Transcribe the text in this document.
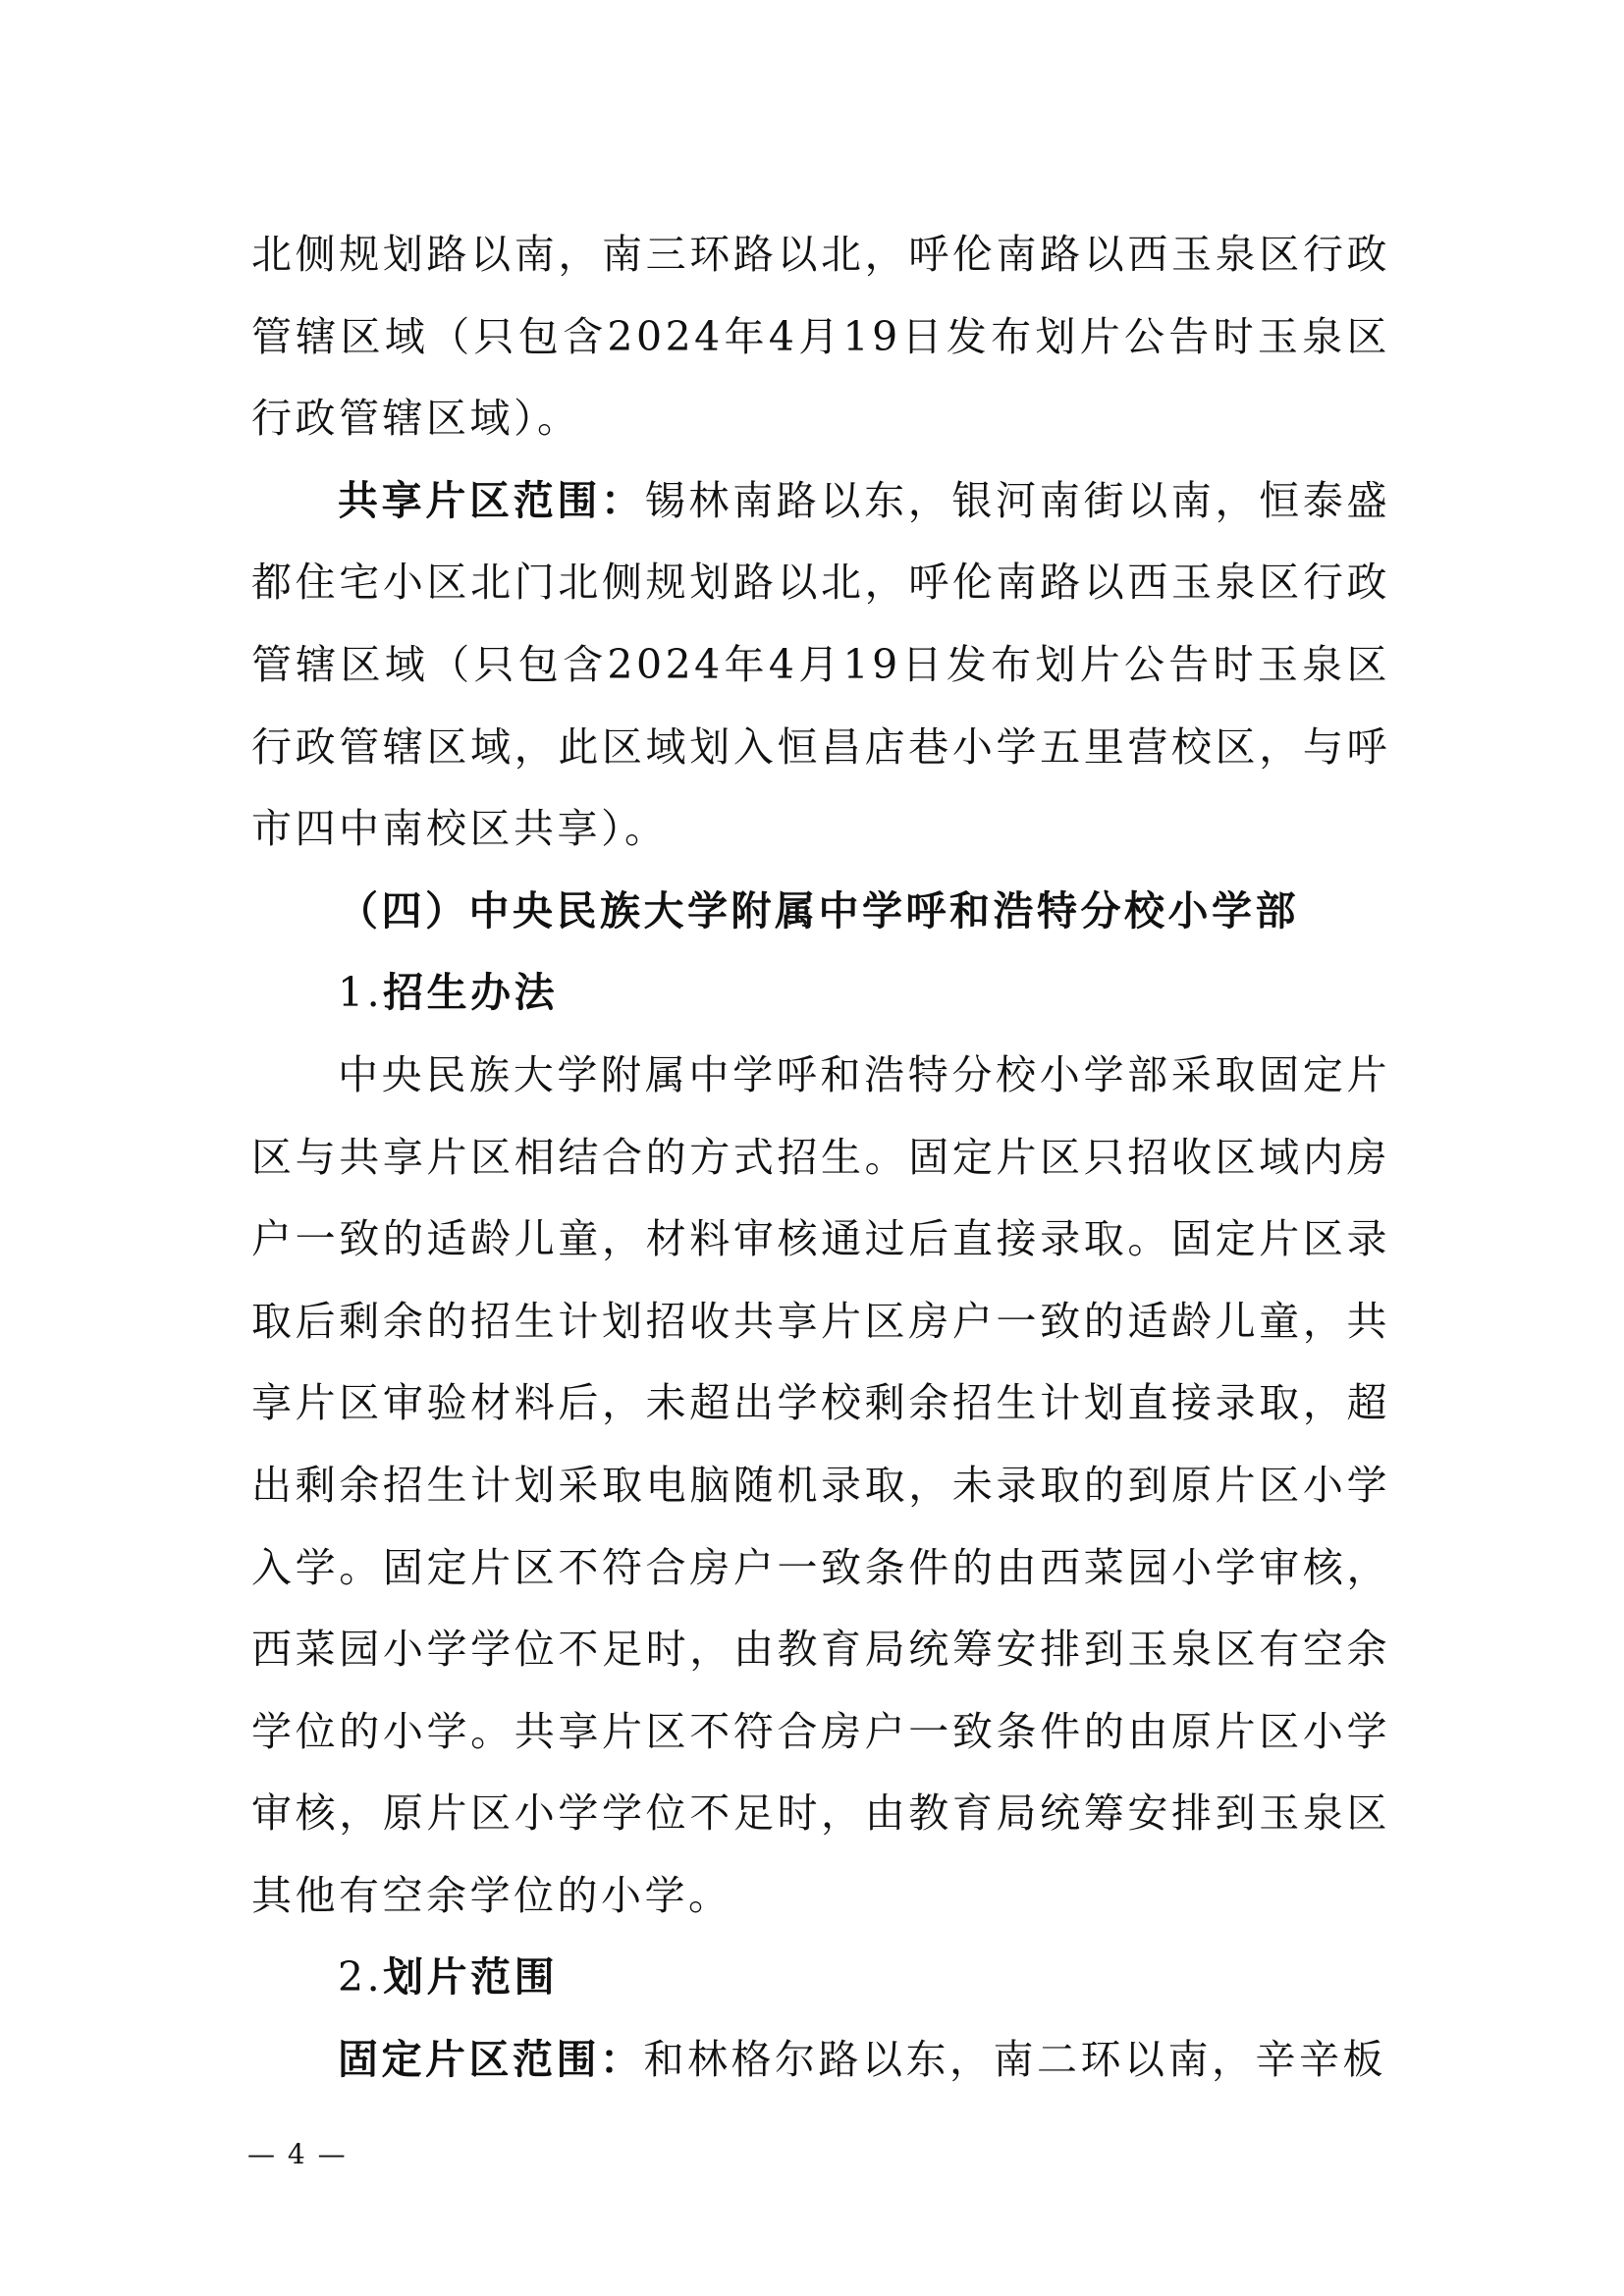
北侧规划路以南，南三环路以北，呼伦南路以西玉泉区行政管辖区域（只包含2024年4月19日发布划片公告时玉泉区行政管辖区域）。

共享片区范围：锡林南路以东，银河南街以南，恒泰盛都住宅小区北门北侧规划路以北，呼伦南路以西玉泉区行政管辖区域（只包含2024年4月19日发布划片公告时玉泉区行政管辖区域，此区域划入恒昌店巷小学五里营校区，与呼市四中南校区共享）。

（四）中央民族大学附属中学呼和浩特分校小学部

1.招生办法

中央民族大学附属中学呼和浩特分校小学部采取固定片区与共享片区相结合的方式招生。固定片区只招收区域内房户一致的适龄儿童，材料审核通过后直接录取。固定片区录取后剩余的招生计划招收共享片区房户一致的适龄儿童，共享片区审验材料后，未超出学校剩余招生计划直接录取，超出剩余招生计划采取电脑随机录取，未录取的到原片区小学入学。固定片区不符合房户一致条件的由西菜园小学审核，西菜园小学学位不足时，由教育局统筹安排到玉泉区有空余学位的小学。共享片区不符合房户一致条件的由原片区小学审核，原片区小学学位不足时，由教育局统筹安排到玉泉区其他有空余学位的小学。

2.划片范围

固定片区范围：和林格尔路以东，南二环以南，辛辛板

— 4 —
